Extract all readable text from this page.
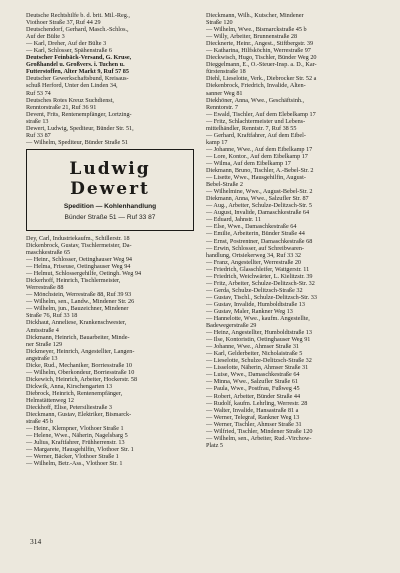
Deutsche Rechtshilfe b. d. brit. Mil.-Reg.,
Viothoer Straße 37, Ruf 44 29
Deutschendorf, Gerhard, Masch.-Schlos.,
Auf der Bülte 3
— Karl, Dreher, Auf der Bülte 3
— Karl, Schlosser, Spähenstraße 6
Deutscher Feinbäck-Versand, G. Kruse,
Großhandel u. Großvers. i. Tuchen u.
Futterstoffen, Alter Markt 9, Ruf 57 85
Deutscher Gewerkschaftsbund, Kreisaus-
schuß Herford, Unter den Linden 34,
Ruf 53 74
Deutsches Rotes Kreuz Suchdienst,
Renntorstraße 21, Ruf 36 91
Devent, Frits, Rentenempfänger, Lortzing-
straße 13
Dewert, Ludwig, Spediteur, Bünder Str. 51,
Ruf 33 87
— Wilhelm, Spediteur, Bünder Straße 51
Ludwig Dewert
Spedition — Kohlenhandlung
Bünder Straße 51 — Ruf 33 87
Dey, Carl, Industriekaufm., Schillerstr. 18
Dickenbrock, Gustav, Tischlermeister, Da-
maschkestraße 65
— Heinr., Schlosser, Oetinghauser Weg 94
— Helma, Friseuse, Oetinghauser Weg 94
— Helmut, Schlossergehilfe, Oetingh. Weg 94
Dickerhoff, Heinrich, Tischlermeister,
Werrestraße 88
— Mönchstein, Werrestraße 88, Ruf 39 93
— Wilhelm, sen., Landw., Mindener Str. 26
— Wilhelm, jun., Bauzeichner, Mindener
Straße 76, Ruf 33 18
Dickhaut, Anneliese, Krankenschwester,
Amtsstraße 4
Dickmann, Heinrich, Bauarbeiter, Minde-
ner Straße 129
Dickmeyer, Heinrich, Angestellter, Langen-
angstraße 13
Dicke, Rud., Mechaniker, Borriesstraße 10
— Wilhelm, Oberkondeur, Borriesstraße 10
Dickewich, Heinrich, Arbeiter, Hockerstr. 58
Dickwik, Anna, Kirschengarten 13
Diebrock, Heinrich, Rentenempfänger,
Helmstättenweg 12
Dieckhoff, Elise, Petersiliestraße 3
Dieckmann, Gustav, Elektriker, Bismarck-
straße 45 b
— Heinr., Klempner, Vlothoer Straße 1
— Helene, Wwe., Näherin, Nagelsbarg 5
— Julius, Kraftfahrer, Frühherrenstr. 13
— Margarete, Hausgehilfin, Vlothoer Str. 1
— Werner, Bäcker, Vlothoer Straße 1
— Wilhelm, Betr.-Ass., Vlothoer Str. 1
Dieckmann, Wilh., Kutscher, Mindener
Straße 120
— Wilhelm, Wwe., Bismarckstraße 45 b
— Willy, Arbeiter, Brunnenstraße 28
Diecknerte, Heinr., Angest., Stiftbergstr. 39
— Katharina, Hilfsköchin, Werrestraße 97
Dieckwisch, Hugo, Tischler, Bünder Weg 20
Dieggelmann, E., O.-Steuer-Insp. a. D., Kar-
fürstenstraße 18
Diehl, Lieselotte, Verk., Diebrocker Str. 52 a
Diekenbrock, Friedrich, Invalide, Alten-
sanner Weg 81
Diekhöner, Anna, Wwe., Geschäftsinh.,
Renntorstr. 7
— Ewald, Tischler, Auf dem Elebelkamp 17
— Fritz, Schlachtermeister und Lebens-
mittelhändler, Renntstr. 7, Ruf 38 55
— Gerhard, Kraftfahrer, Auf dem Eibel-
kamp 17
— Johanne, Wwe., Auf dem Eibelkamp 17
— Lore, Kontor., Auf dem Eibelkamp 17
— Wilma, Auf dem Eibelkamp 17
Diekmann, Bruno, Tischler, A.-Bebel-Str. 2
— Lisette, Wwe., Hausgehilfin, August-
Bebel-Straße 2
— Wilhelmine, Wwe., August-Bebel-Str. 2
Diekmann, Anna, Wwe., Salzufler Str. 87
— Aug., Arbeiter, Schulze-Delitzsch-Str. 5
— August, Invalide, Damaschkestraße 64
— Eduard, Jahnstr. 11
— Else, Wwe., Damaschkestraße 64
— Emilie, Arbeiterin, Bünder Straße 44
— Ernst, Postrentner, Damaschkestraße 68
— Erwin, Schlosser, auf Schreibwaren-
handlung, Ortsiekerweg 34, Ruf 33 32
— Franz, Angestellter, Werrestraße 20
— Friedrich, Glasschleifer, Wattgerstr. 11
— Friedrich, Weichwärter, L. Kielitzstr. 39
— Fritz, Arbeiter, Schulze-Delitzsch-Str. 32
— Gerda, Schulze-Delitzsch-Straße 32
— Gustav, Tischl., Schulze-Delitzsch-Str. 33
— Gustav, Invalide, Humboldtstraße 13
— Gustav, Maler, Rankner Weg 13
— Hannelotte, Wwe., kaufm. Angestellte,
Badewegerstraße 29
— Heinz, Angestellter, Humboldtstraße 13
— Ilse, Kontoristin, Oetinghauser Weg 91
— Johanne, Wwe., Ahmser Straße 31
— Karl, Gelderbeiter, Nicholaistraße 5
— Lieselotte, Schulze-Delitzsch-Straße 32
— Lisselotte, Näherin, Ahmser Straße 31
— Luise, Wwe., Damaschkestraße 64
— Minna, Wwe., Salzufler Straße 61
— Paula, Wwe., Postfrau, Fußweg 45
— Robert, Arbeiter, Bünder Straße 44
— Rudolf, kaufm. Lehrling, Werrestr. 28
— Walter, Invalide, Hansastraße 81 a
— Werner, Telegraf, Rankner Weg 13
— Werner, Tischler, Ahmser Straße 31
— Wilfried, Tischler, Mindener Straße 120
— Wilhelm, sen., Arbeiter, Rud.-Virchow-
Platz 5
314
